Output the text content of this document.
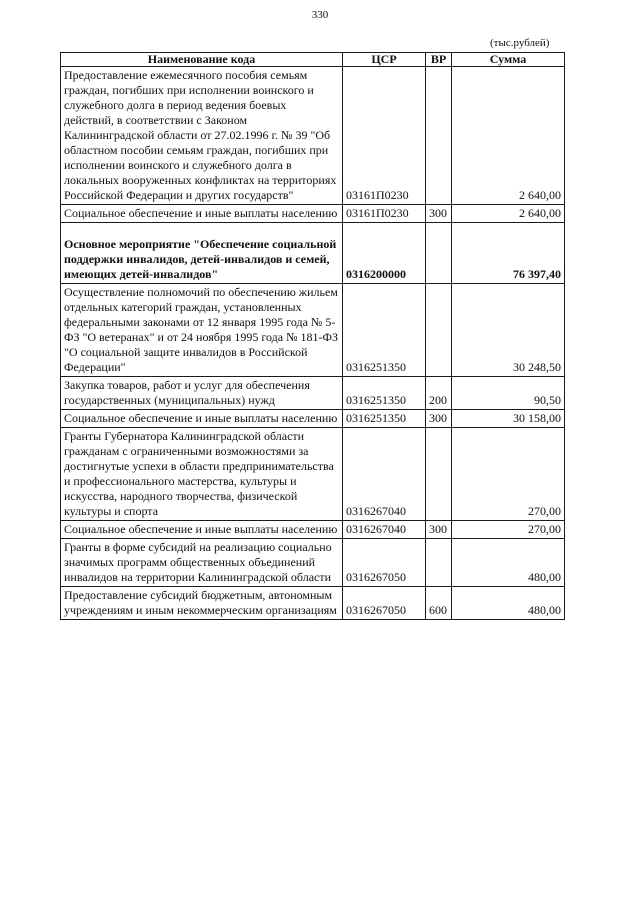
330
(тыс.рублей)
Наименование кода	ЦСР	ВР	Сумма
Предоставление ежемесячного пособия семьям граждан, погибших при исполнении воинского и служебного долга в период ведения боевых действий, в соответствии с Законом Калининградской области от 27.02.1996 г. № 39 "Об областном пособии семьям граждан, погибших при исполнении воинского и служебного долга в локальных вооруженных конфликтах на территориях Российской Федерации и других государств"	03161П0230		2 640,00
Социальное обеспечение и иные выплаты населению	03161П0230	300	2 640,00
Основное мероприятие "Обеспечение социальной поддержки инвалидов, детей-инвалидов и семей, имеющих детей-инвалидов"	0316200000		76 397,40
Осуществление полномочий по обеспечению жильем отдельных категорий граждан, установленных федеральными законами от 12 января 1995 года № 5-ФЗ "О ветеранах" и от 24 ноября 1995 года № 181-ФЗ "О социальной защите инвалидов в Российской Федерации"	0316251350		30 248,50
Закупка товаров, работ и услуг для обеспечения государственных (муниципальных) нужд	0316251350	200	90,50
Социальное обеспечение и иные выплаты населению	0316251350	300	30 158,00
Гранты Губернатора Калининградской области гражданам с ограниченными возможностями за достигнутые успехи в области предпринимательства и профессионального мастерства, культуры и искусства, народного творчества, физической культуры и спорта	0316267040		270,00
Социальное обеспечение и иные выплаты населению	0316267040	300	270,00
Гранты в форме субсидий на реализацию социально значимых программ общественных объединений инвалидов на территории Калининградской области	0316267050		480,00
Предоставление субсидий бюджетным, автономным учреждениям и иным некоммерческим организациям	0316267050	600	480,00
